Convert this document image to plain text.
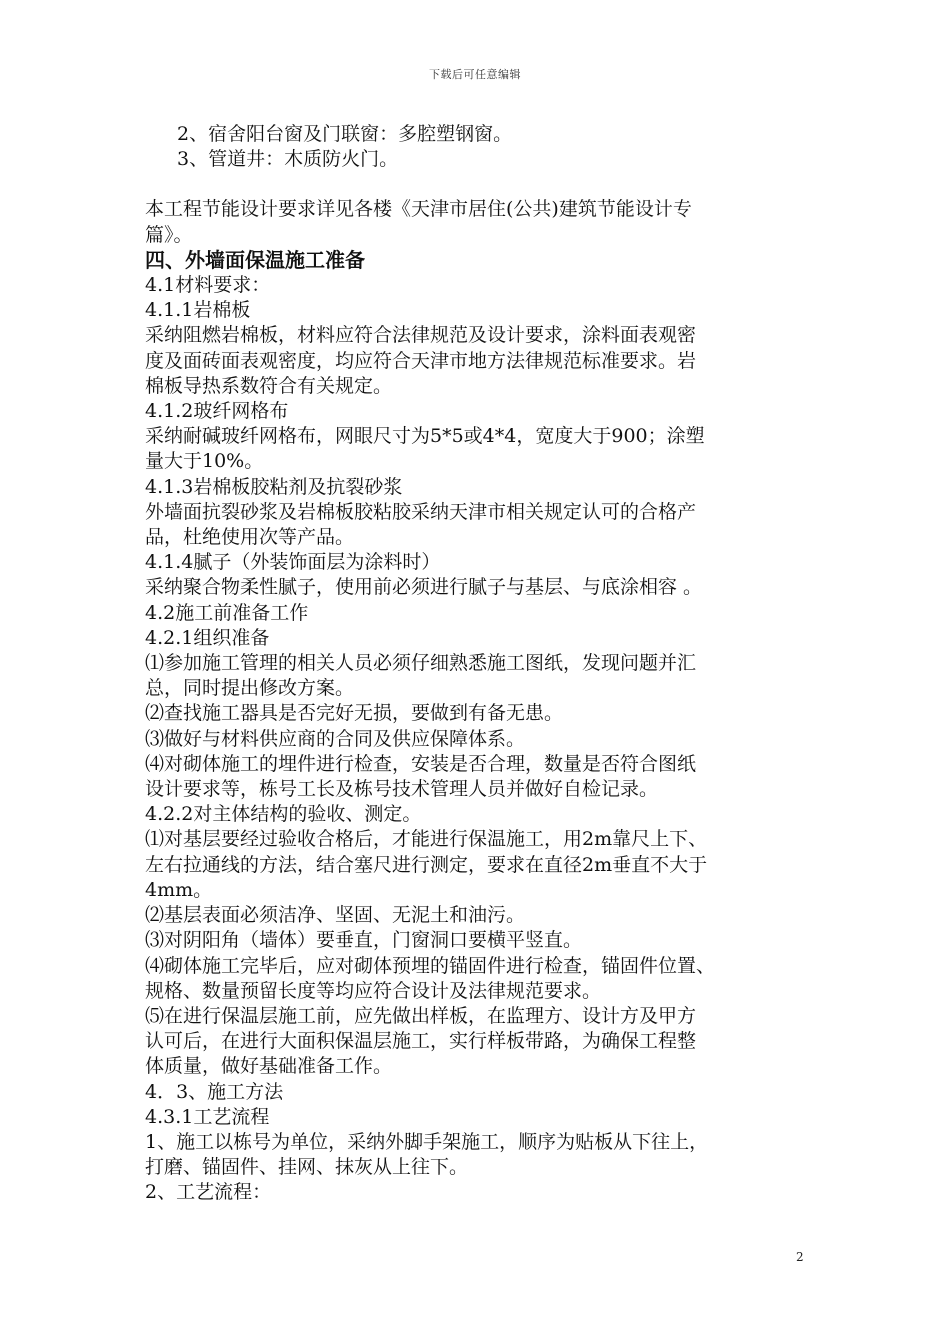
下载后可任意编辑
2、宿舍阳台窗及门联窗：多腔塑钢窗。
3、管道井：木质防火门。
本工程节能设计要求详见各楼《天津市居住(公共)建筑节能设计专
篇》。
四、外墙面保温施工准备
4.1材料要求：
4.1.1岩棉板
采纳阻燃岩棉板，材料应符合法律规范及设计要求，涂料面表观密
度及面砖面表观密度，均应符合天津市地方法律规范标准要求。岩
棉板导热系数符合有关规定。
4.1.2玻纤网格布
采纳耐碱玻纤网格布，网眼尺寸为5*5或4*4，宽度大于900；涂塑
量大于10%。
4.1.3岩棉板胶粘剂及抗裂砂浆
外墙面抗裂砂浆及岩棉板胶粘胶采纳天津市相关规定认可的合格产
品，杜绝使用次等产品。
4.1.4腻子（外装饰面层为涂料时）
采纳聚合物柔性腻子，使用前必须进行腻子与基层、与底涂相容 。
4.2施工前准备工作
4.2.1组织准备
⑴参加施工管理的相关人员必须仔细熟悉施工图纸，发现问题并汇
总，同时提出修改方案。
⑵查找施工器具是否完好无损，要做到有备无患。
⑶做好与材料供应商的合同及供应保障体系。
⑷对砌体施工的埋件进行检查，安装是否合理，数量是否符合图纸
设计要求等，栋号工长及栋号技术管理人员并做好自检记录。
4.2.2对主体结构的验收、测定。
⑴对基层要经过验收合格后，才能进行保温施工，用2m靠尺上下、
左右拉通线的方法，结合塞尺进行测定，要求在直径2m垂直不大于
4mm。
⑵基层表面必须洁净、坚固、无泥土和油污。
⑶对阴阳角（墙体）要垂直，门窗洞口要横平竖直。
⑷砌体施工完毕后，应对砌体预埋的锚固件进行检查，锚固件位置、
规格、数量预留长度等均应符合设计及法律规范要求。
⑸在进行保温层施工前，应先做出样板，在监理方、设计方及甲方
认可后，在进行大面积保温层施工，实行样板带路，为确保工程整
体质量，做好基础准备工作。
4．3、施工方法
4.3.1工艺流程
1、施工以栋号为单位，采纳外脚手架施工，顺序为贴板从下往上，
打磨、锚固件、挂网、抹灰从上往下。
2、工艺流程：
2
